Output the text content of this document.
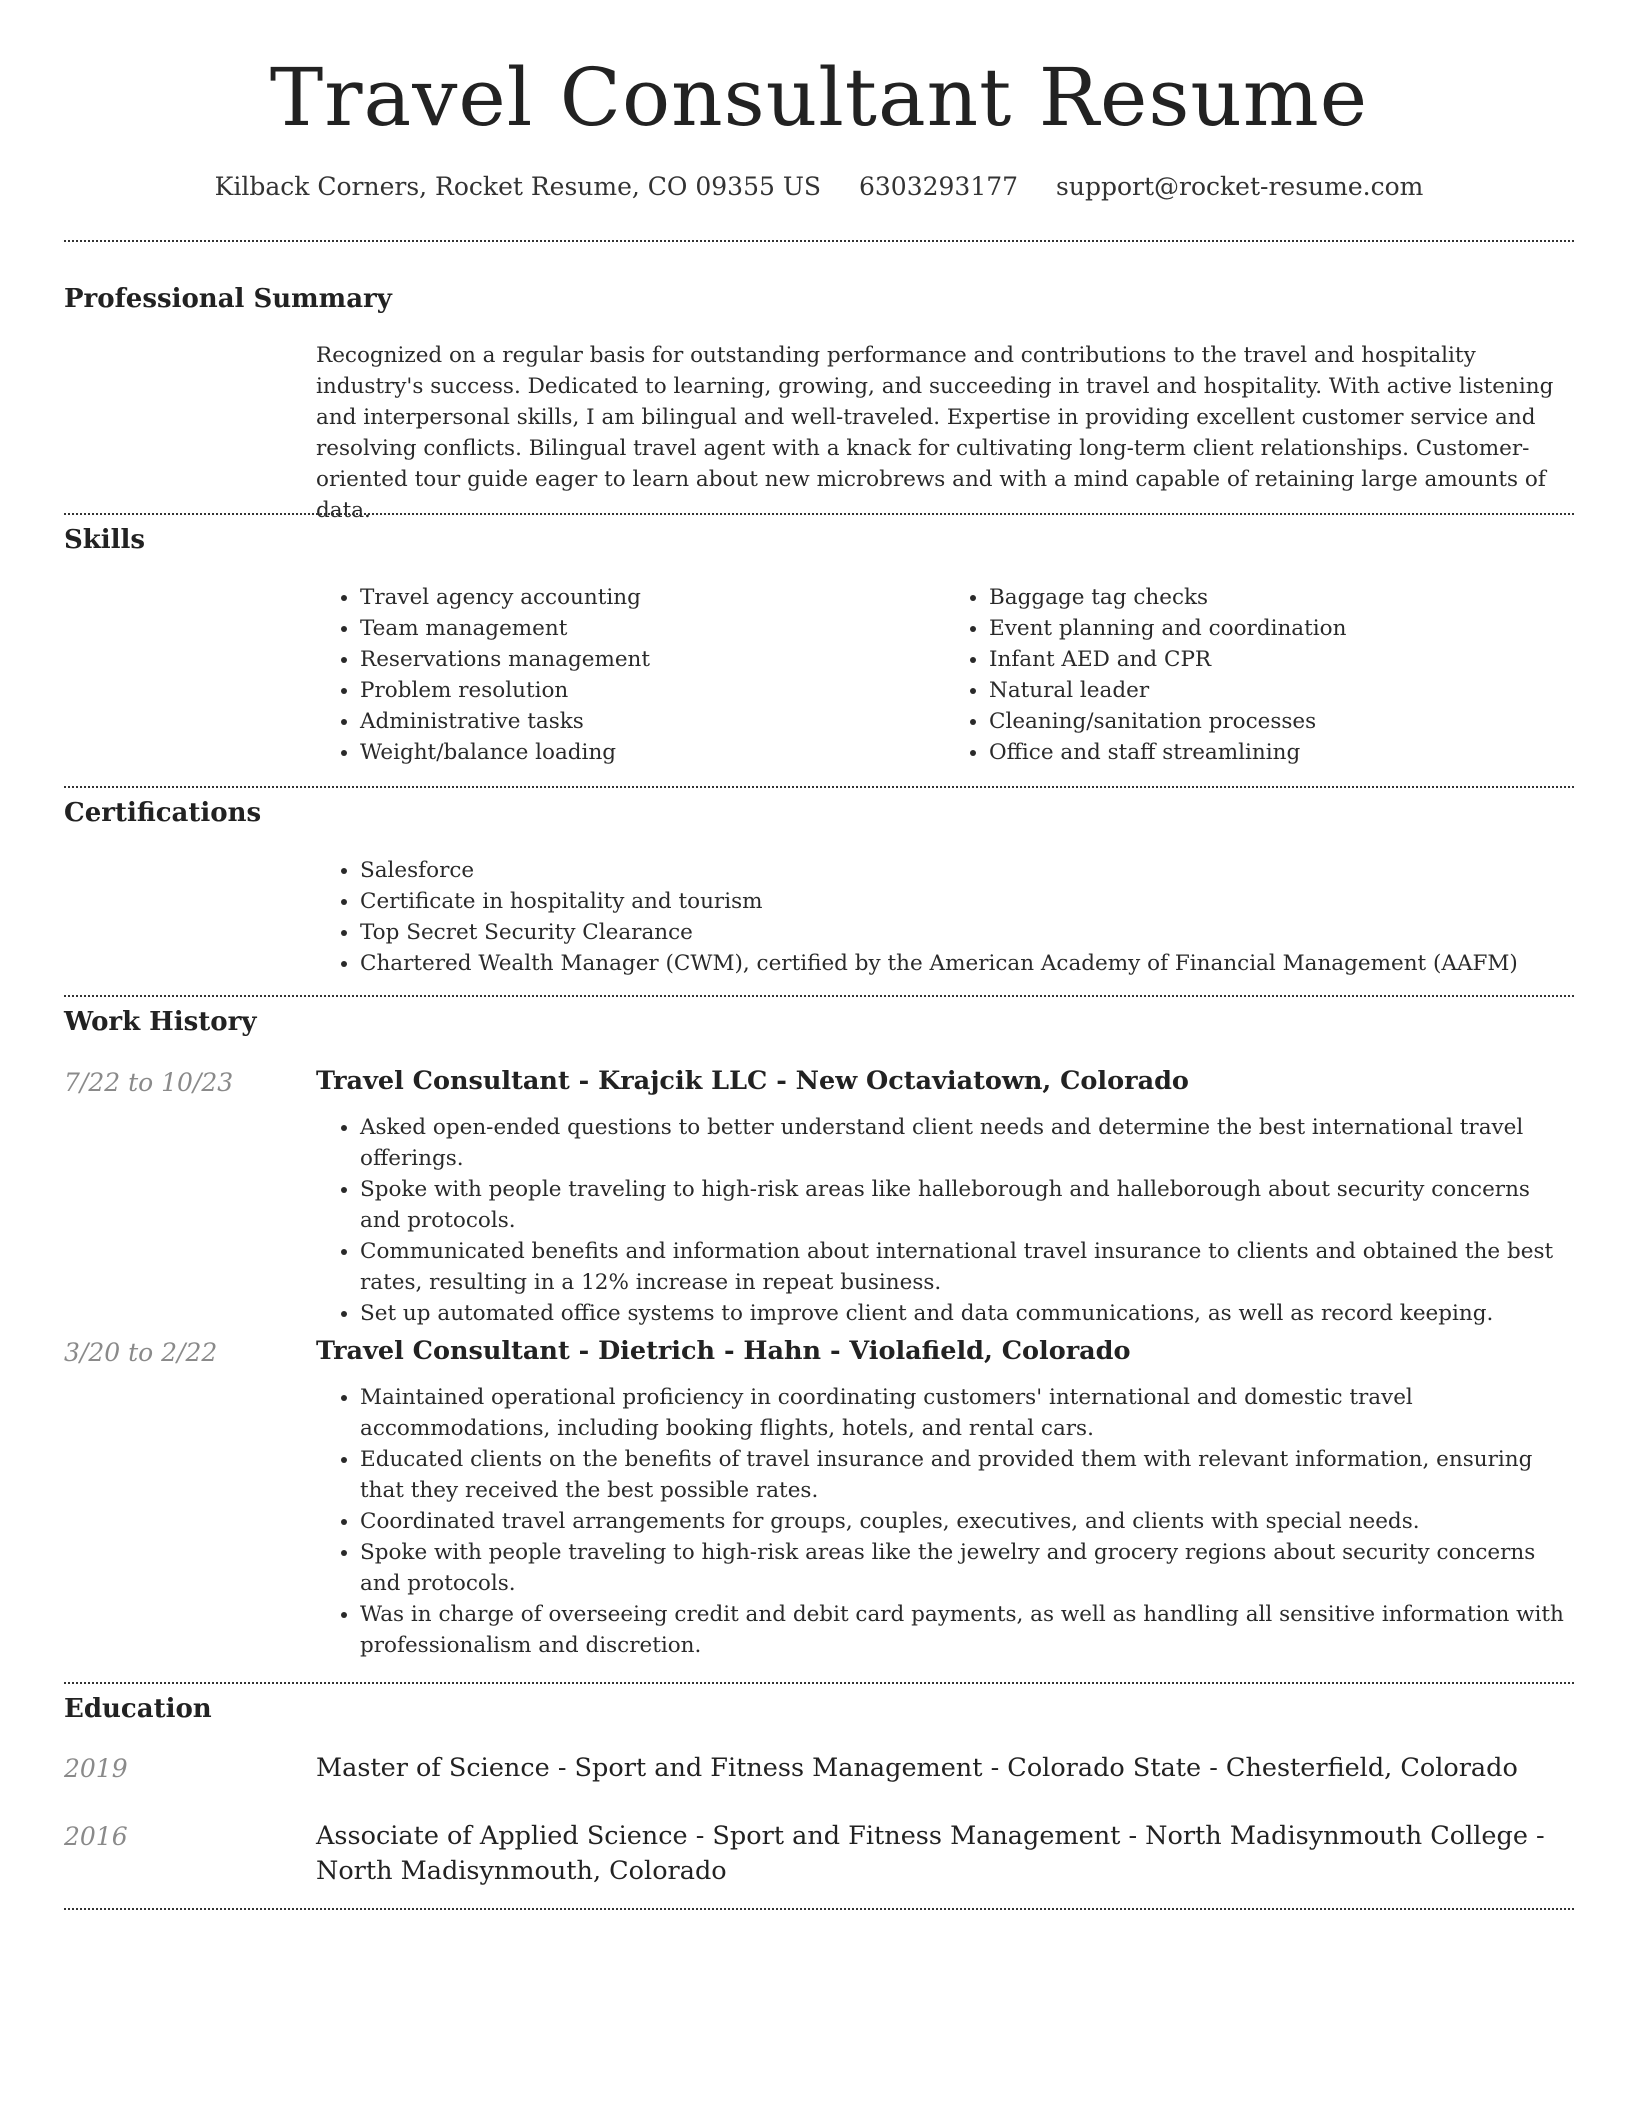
Travel Consultant Resume
Kilback Corners, Rocket Resume, CO 09355 US 6303293177 support@rocket-resume.com
Professional Summary

Recognized on a regular basis for outstanding performance and contributions to the travel and hospitality industry's success. Dedicated to learning, growing, and succeeding in travel and hospitality. With active listening and interpersonal skills, I am bilingual and well-traveled. Expertise in providing excellent customer service and resolving conflicts. Bilingual travel agent with a knack for cultivating long-term client relationships. Customer-oriented tour guide eager to learn about new microbrews and with a mind capable of retaining large amounts of data.

Skills
• Travel agency accounting
• Team management
• Reservations management
• Problem resolution
• Administrative tasks
• Weight/balance loading
• Baggage tag checks
• Event planning and coordination
• Infant AED and CPR
• Natural leader
• Cleaning/sanitation processes
• Office and staff streamlining
Certifications
• Salesforce
• Certificate in hospitality and tourism
• Top Secret Security Clearance
• Chartered Wealth Manager (CWM), certified by the American Academy of Financial Management (AAFM)
Work History
7/22 to 10/23	Travel Consultant - Krajcik LLC - New Octaviatown, Colorado
• Asked open-ended questions to better understand client needs and determine the best international travel offerings.
• Spoke with people traveling to high-risk areas like halleborough and halleborough about security concerns and protocols.
• Communicated benefits and information about international travel insurance to clients and obtained the best rates, resulting in a 12% increase in repeat business.
• Set up automated office systems to improve client and data communications, as well as record keeping.
3/20 to 2/22	Travel Consultant - Dietrich - Hahn - Violafield, Colorado
• Maintained operational proficiency in coordinating customers' international and domestic travel accommodations, including booking flights, hotels, and rental cars.
• Educated clients on the benefits of travel insurance and provided them with relevant information, ensuring that they received the best possible rates.
• Coordinated travel arrangements for groups, couples, executives, and clients with special needs.
• Spoke with people traveling to high-risk areas like the jewelry and grocery regions about security concerns and protocols.
• Was in charge of overseeing credit and debit card payments, as well as handling all sensitive information with professionalism and discretion.
Education
2019	Master of Science - Sport and Fitness Management - Colorado State - Chesterfield, Colorado

2016	Associate of Applied Science - Sport and Fitness Management - North Madisynmouth College - North Madisynmouth, Colorado
